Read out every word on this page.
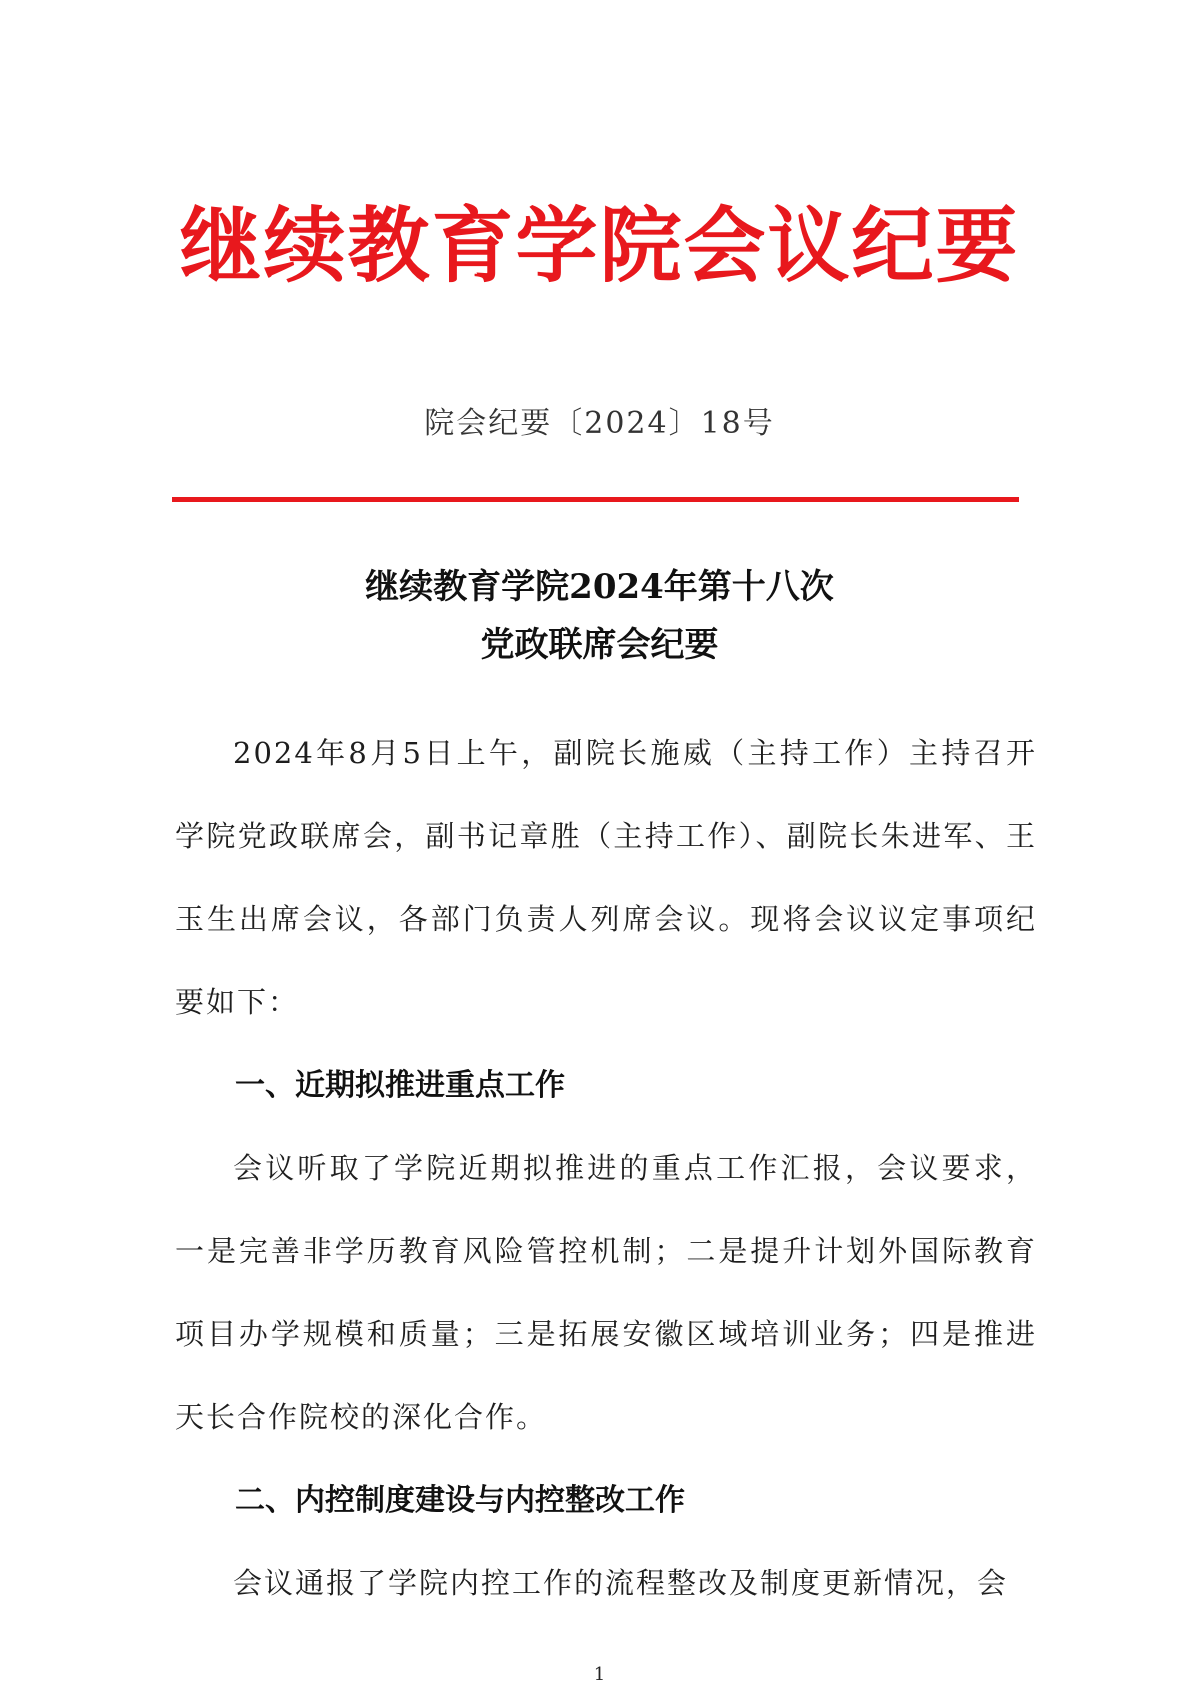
继续教育学院会议纪要
院会纪要〔2024〕18号
继续教育学院2024年第十八次
党政联席会纪要

2024年8月5日上午，副院长施威（主持工作）主持召开学院党政联席会，副书记章胜（主持工作）、副院长朱进军、王玉生出席会议，各部门负责人列席会议。现将会议议定事项纪要如下：

一、近期拟推进重点工作

会议听取了学院近期拟推进的重点工作汇报，会议要求，一是完善非学历教育风险管控机制；二是提升计划外国际教育项目办学规模和质量；三是拓展安徽区域培训业务；四是推进天长合作院校的深化合作。

二、内控制度建设与内控整改工作

会议通报了学院内控工作的流程整改及制度更新情况，会

1
